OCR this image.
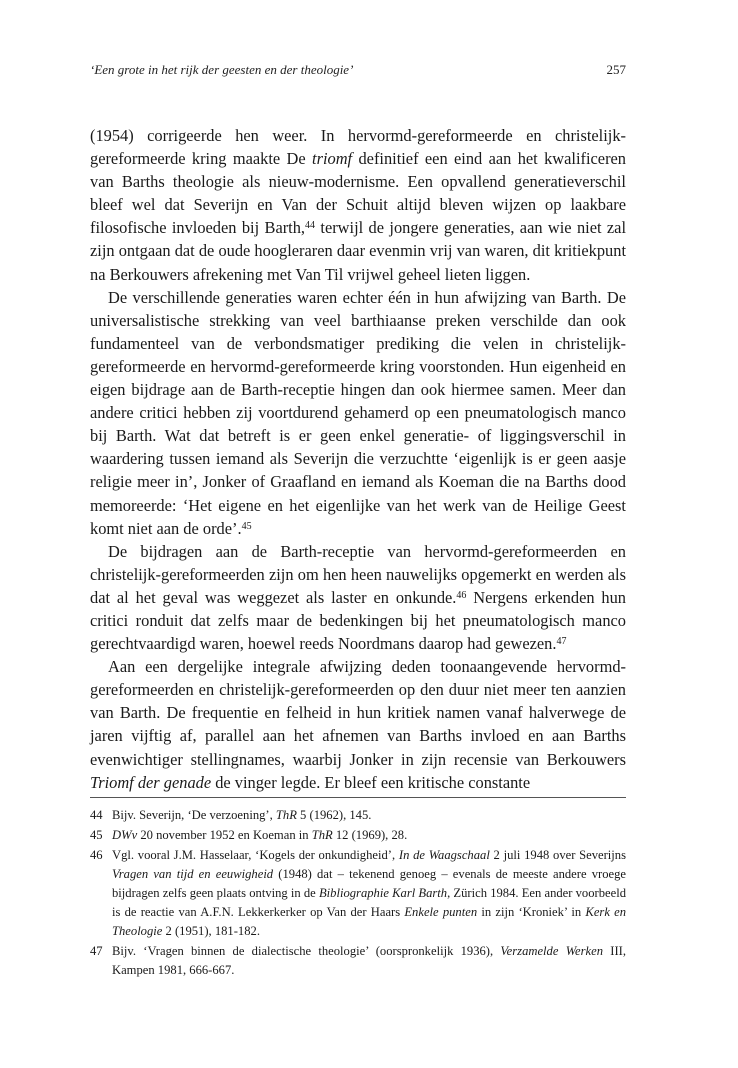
‘Een grote in het rijk der geesten en der theologie’	257

(1954) corrigeerde hen weer. In hervormd-gereformeerde en christelijk-gereformeerde kring maakte De triomf definitief een eind aan het kwalificeren van Barths theologie als nieuw-modernisme. Een opvallend generatieverschil bleef wel dat Severijn en Van der Schuit altijd bleven wijzen op laakbare filosofische invloeden bij Barth,$^{44}$ terwijl de jongere generaties, aan wie niet zal zijn ontgaan dat de oude hoogleraren daar evenmin vrij van waren, dit kritiekpunt na Berkouwers afrekening met Van Til vrijwel geheel lieten liggen.

De verschillende generaties waren echter één in hun afwijzing van Barth. De universalistische strekking van veel barthiaanse preken verschilde dan ook fundamenteel van de verbondsmatiger prediking die velen in christelijk-gereformeerde en hervormd-gereformeerde kring voorstonden. Hun eigenheid en eigen bijdrage aan de Barth-receptie hingen dan ook hiermee samen. Meer dan andere critici hebben zij voortdurend gehamerd op een pneumatologisch manco bij Barth. Wat dat betreft is er geen enkel generatie- of liggingsverschil in waardering tussen iemand als Severijn die verzuchtte ‘eigenlijk is er geen aasje religie meer in’, Jonker of Graafland en iemand als Koeman die na Barths dood memoreerde: ‘Het eigene en het eigenlijke van het werk van de Heilige Geest komt niet aan de orde’.$^{45}$

De bijdragen aan de Barth-receptie van hervormd-gereformeerden en christelijk-gereformeerden zijn om hen heen nauwelijks opgemerkt en werden als dat al het geval was weggezet als laster en onkunde.$^{46}$ Nergens erkenden hun critici ronduit dat zelfs maar de bedenkingen bij het pneumatologisch manco gerechtvaardigd waren, hoewel reeds Noordmans daarop had gewezen.$^{47}$

Aan een dergelijke integrale afwijzing deden toonaangevende hervormd-gereformeerden en christelijk-gereformeerden op den duur niet meer ten aanzien van Barth. De frequentie en felheid in hun kritiek namen vanaf halverwege de jaren vijftig af, parallel aan het afnemen van Barths invloed en aan Barths evenwichtiger stellingnames, waarbij Jonker in zijn recensie van Berkouwers Triomf der genade de vinger legde. Er bleef een kritische constante

44 Bijv. Severijn, ‘De verzoening’, ThR 5 (1962), 145.
45 DWv 20 november 1952 en Koeman in ThR 12 (1969), 28.
46 Vgl. vooral J.M. Hasselaar, ‘Kogels der onkundigheid’, In de Waagschaal 2 juli 1948 over Severijns Vragen van tijd en eeuwigheid (1948) dat – tekenend genoeg – evenals de meeste andere vroege bijdragen zelfs geen plaats ontving in de Bibliographie Karl Barth, Zürich 1984. Een ander voorbeeld is de reactie van A.F.N. Lekkerkerker op Van der Haars Enkele punten in zijn ‘Kroniek’ in Kerk en Theologie 2 (1951), 181-182.
47 Bijv. ‘Vragen binnen de dialectische theologie’ (oorspronkelijk 1936), Verzamelde Werken III, Kampen 1981, 666-667.
